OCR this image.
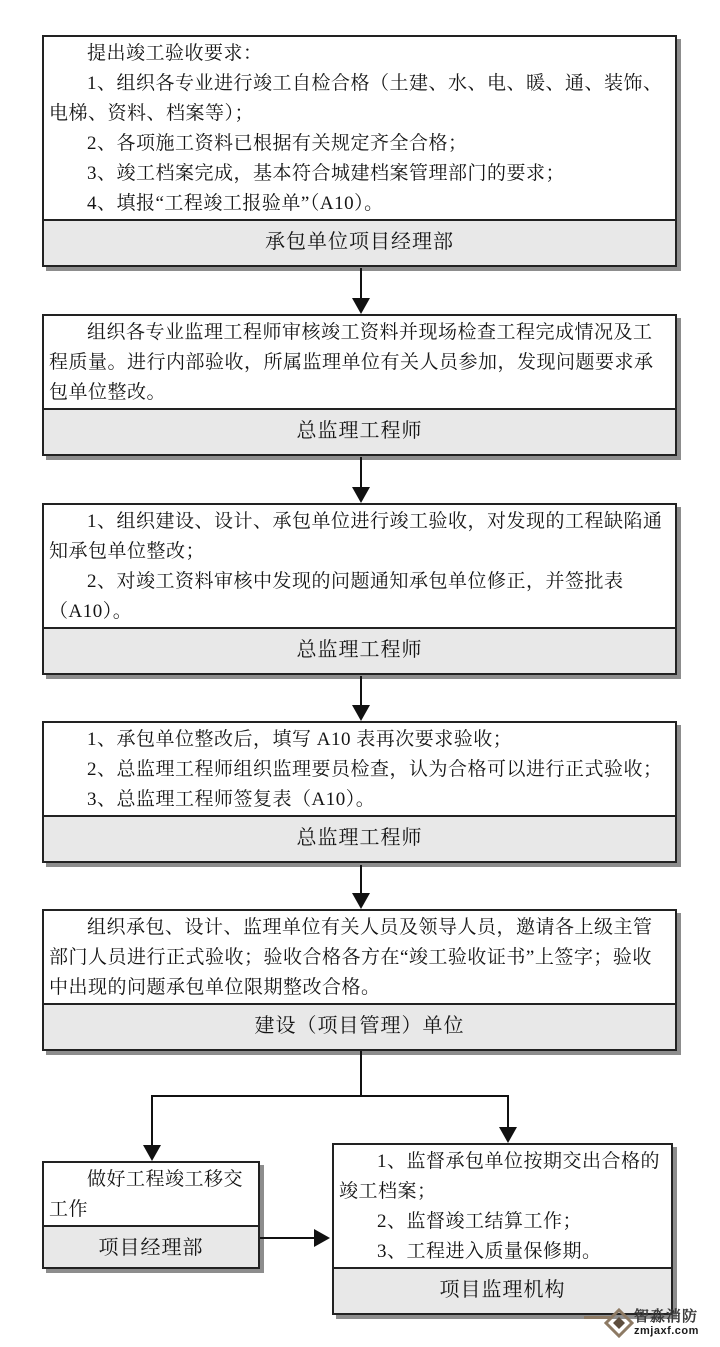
提出竣工验收要求：

1、组织各专业进行竣工自检合格（土建、水、电、暖、通、装饰、电梯、资料、档案等）；

2、各项施工资料已根据有关规定齐全合格；

3、竣工档案完成，基本符合城建档案管理部门的要求；

4、填报“工程竣工报验单”（A10）。

承包单位项目经理部

组织各专业监理工程师审核竣工资料并现场检查工程完成情况及工程质量。进行内部验收，所属监理单位有关人员参加，发现问题要求承包单位整改。

总监理工程师

1、组织建设、设计、承包单位进行竣工验收，对发现的工程缺陷通知承包单位整改；

2、对竣工资料审核中发现的问题通知承包单位修正，并签批表（A10）。

总监理工程师

1、承包单位整改后，填写 A10 表再次要求验收；

2、总监理工程师组织监理要员检查，认为合格可以进行正式验收；

3、总监理工程师签复表（A10）。

总监理工程师

组织承包、设计、监理单位有关人员及领导人员，邀请各上级主管部门人员进行正式验收；验收合格各方在“竣工验收证书”上签字；验收中出现的问题承包单位限期整改合格。

建设（项目管理）单位

做好工程竣工移交工作

项目经理部

1、监督承包单位按期交出合格的竣工档案；

2、监督竣工结算工作；

3、工程进入质量保修期。

项目监理机构
智淼消防
zmjaxf.com
